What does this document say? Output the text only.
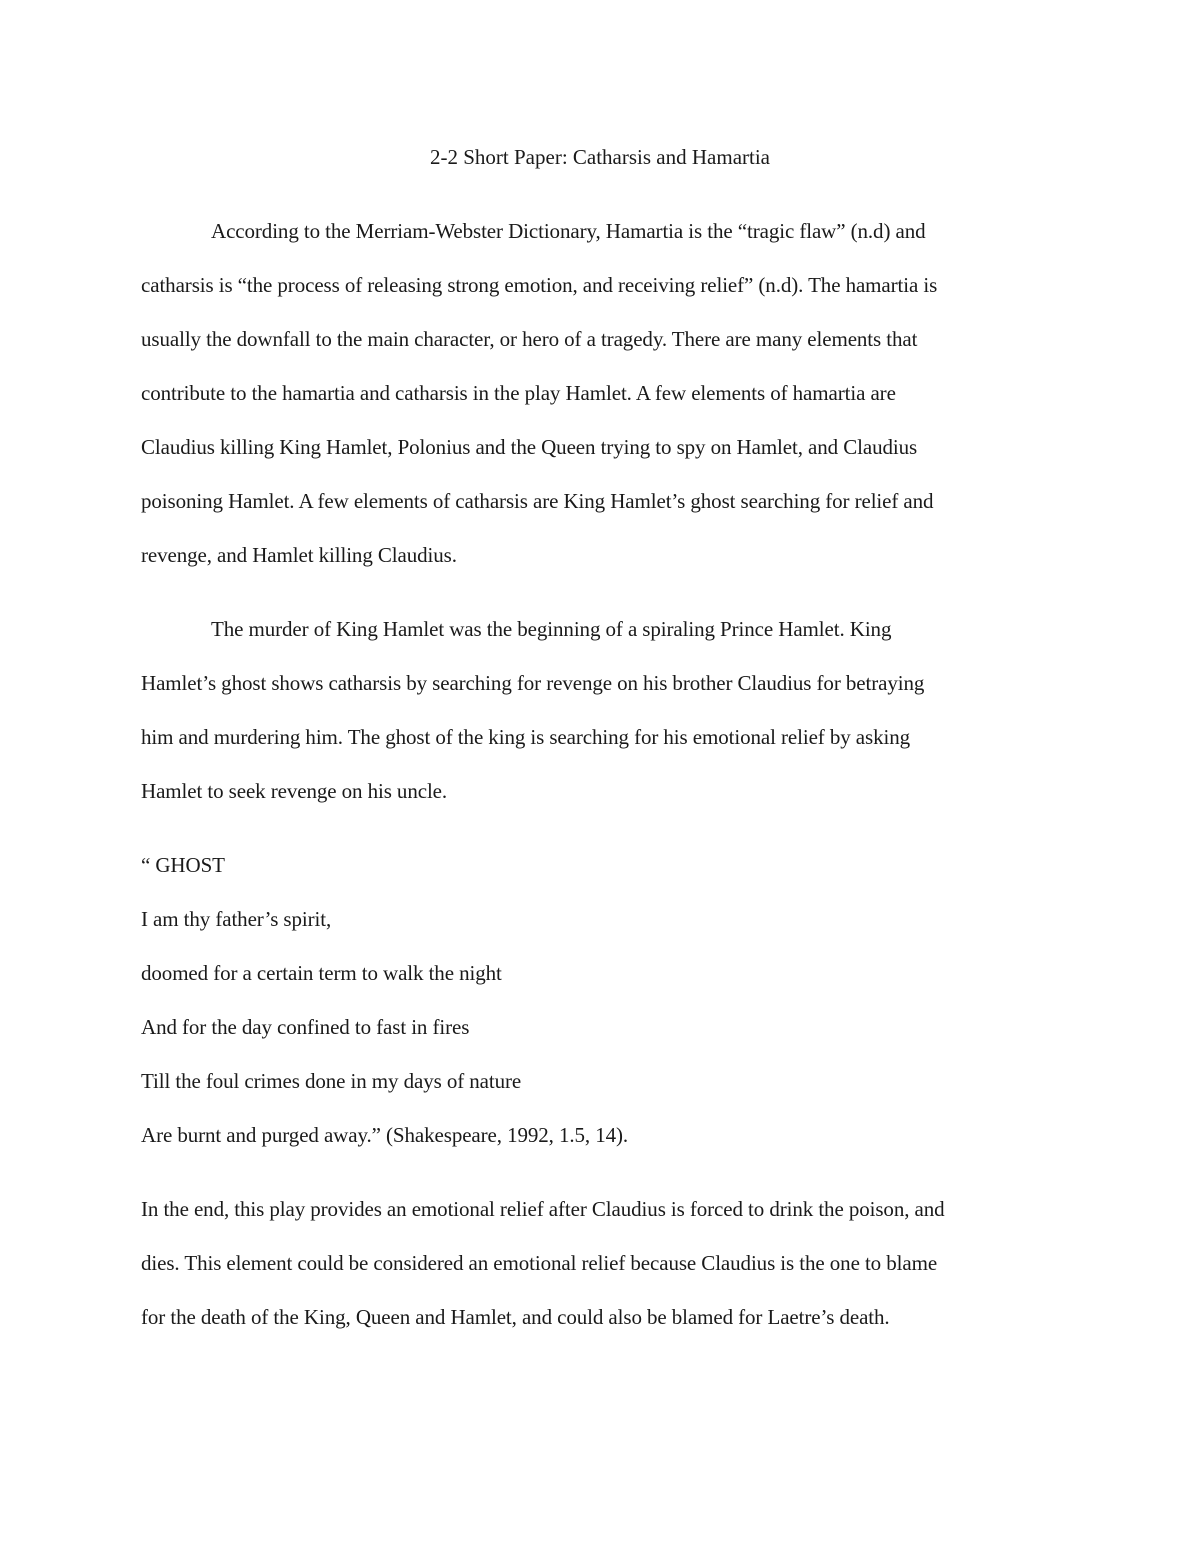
2-2 Short Paper: Catharsis and Hamartia
According to the Merriam-Webster Dictionary, Hamartia is the “tragic flaw” (n.d) and
catharsis is “the process of releasing strong emotion, and receiving relief” (n.d). The hamartia is
usually the downfall to the main character, or hero of a tragedy. There are many elements that
contribute to the hamartia and catharsis in the play Hamlet. A few elements of hamartia are
Claudius killing King Hamlet, Polonius and the Queen trying to spy on Hamlet, and Claudius
poisoning Hamlet. A few elements of catharsis are King Hamlet’s ghost searching for relief and
revenge, and Hamlet killing Claudius.
The murder of King Hamlet was the beginning of a spiraling Prince Hamlet. King
Hamlet’s ghost shows catharsis by searching for revenge on his brother Claudius for betraying
him and murdering him. The ghost of the king is searching for his emotional relief by asking
Hamlet to seek revenge on his uncle.
“ GHOST
I am thy father’s spirit,
doomed for a certain term to walk the night
And for the day confined to fast in fires
Till the foul crimes done in my days of nature
Are burnt and purged away.” (Shakespeare, 1992, 1.5, 14).
In the end, this play provides an emotional relief after Claudius is forced to drink the poison, and
dies. This element could be considered an emotional relief because Claudius is the one to blame
for the death of the King, Queen and Hamlet, and could also be blamed for Laetre’s death.
